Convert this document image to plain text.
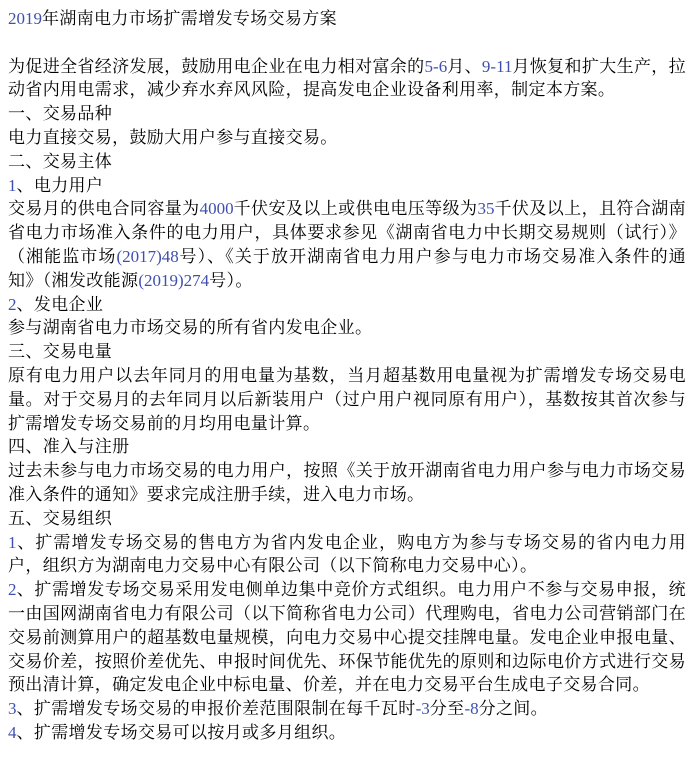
2019年湖南电力市场扩需增发专场交易方案

为促进全省经济发展，鼓励用电企业在电力相对富余的5-6月、9-11月恢复和扩大生产，拉动省内用电需求，减少弃水弃风风险，提高发电企业设备利用率，制定本方案。

一、交易品种

电力直接交易，鼓励大用户参与直接交易。

二、交易主体

1、电力用户

交易月的供电合同容量为4000千伏安及以上或供电电压等级为35千伏及以上，且符合湖南省电力市场准入条件的电力用户，具体要求参见《湖南省电力中长期交易规则（试行）》（湘能监市场(2017)48号）、《关于放开湖南省电力用户参与电力市场交易准入条件的通知》（湘发改能源(2019)274号）。

2、发电企业

参与湖南省电力市场交易的所有省内发电企业。

三、交易电量

原有电力用户以去年同月的用电量为基数，当月超基数用电量视为扩需增发专场交易电量。对于交易月的去年同月以后新装用户（过户用户视同原有用户），基数按其首次参与扩需增发专场交易前的月均用电量计算。

四、准入与注册

过去未参与电力市场交易的电力用户，按照《关于放开湖南省电力用户参与电力市场交易准入条件的通知》要求完成注册手续，进入电力市场。

五、交易组织

1、扩需增发专场交易的售电方为省内发电企业，购电方为参与专场交易的省内电力用户，组织方为湖南电力交易中心有限公司（以下简称电力交易中心）。

2、扩需增发专场交易采用发电侧单边集中竞价方式组织。电力用户不参与交易申报，统一由国网湖南省电力有限公司（以下简称省电力公司）代理购电，省电力公司营销部门在交易前测算用户的超基数电量规模，向电力交易中心提交挂牌电量。发电企业申报电量、交易价差，按照价差优先、申报时间优先、环保节能优先的原则和边际电价方式进行交易预出清计算，确定发电企业中标电量、价差，并在电力交易平台生成电子交易合同。

3、扩需增发专场交易的申报价差范围限制在每千瓦时-3分至-8分之间。

4、扩需增发专场交易可以按月或多月组织。
